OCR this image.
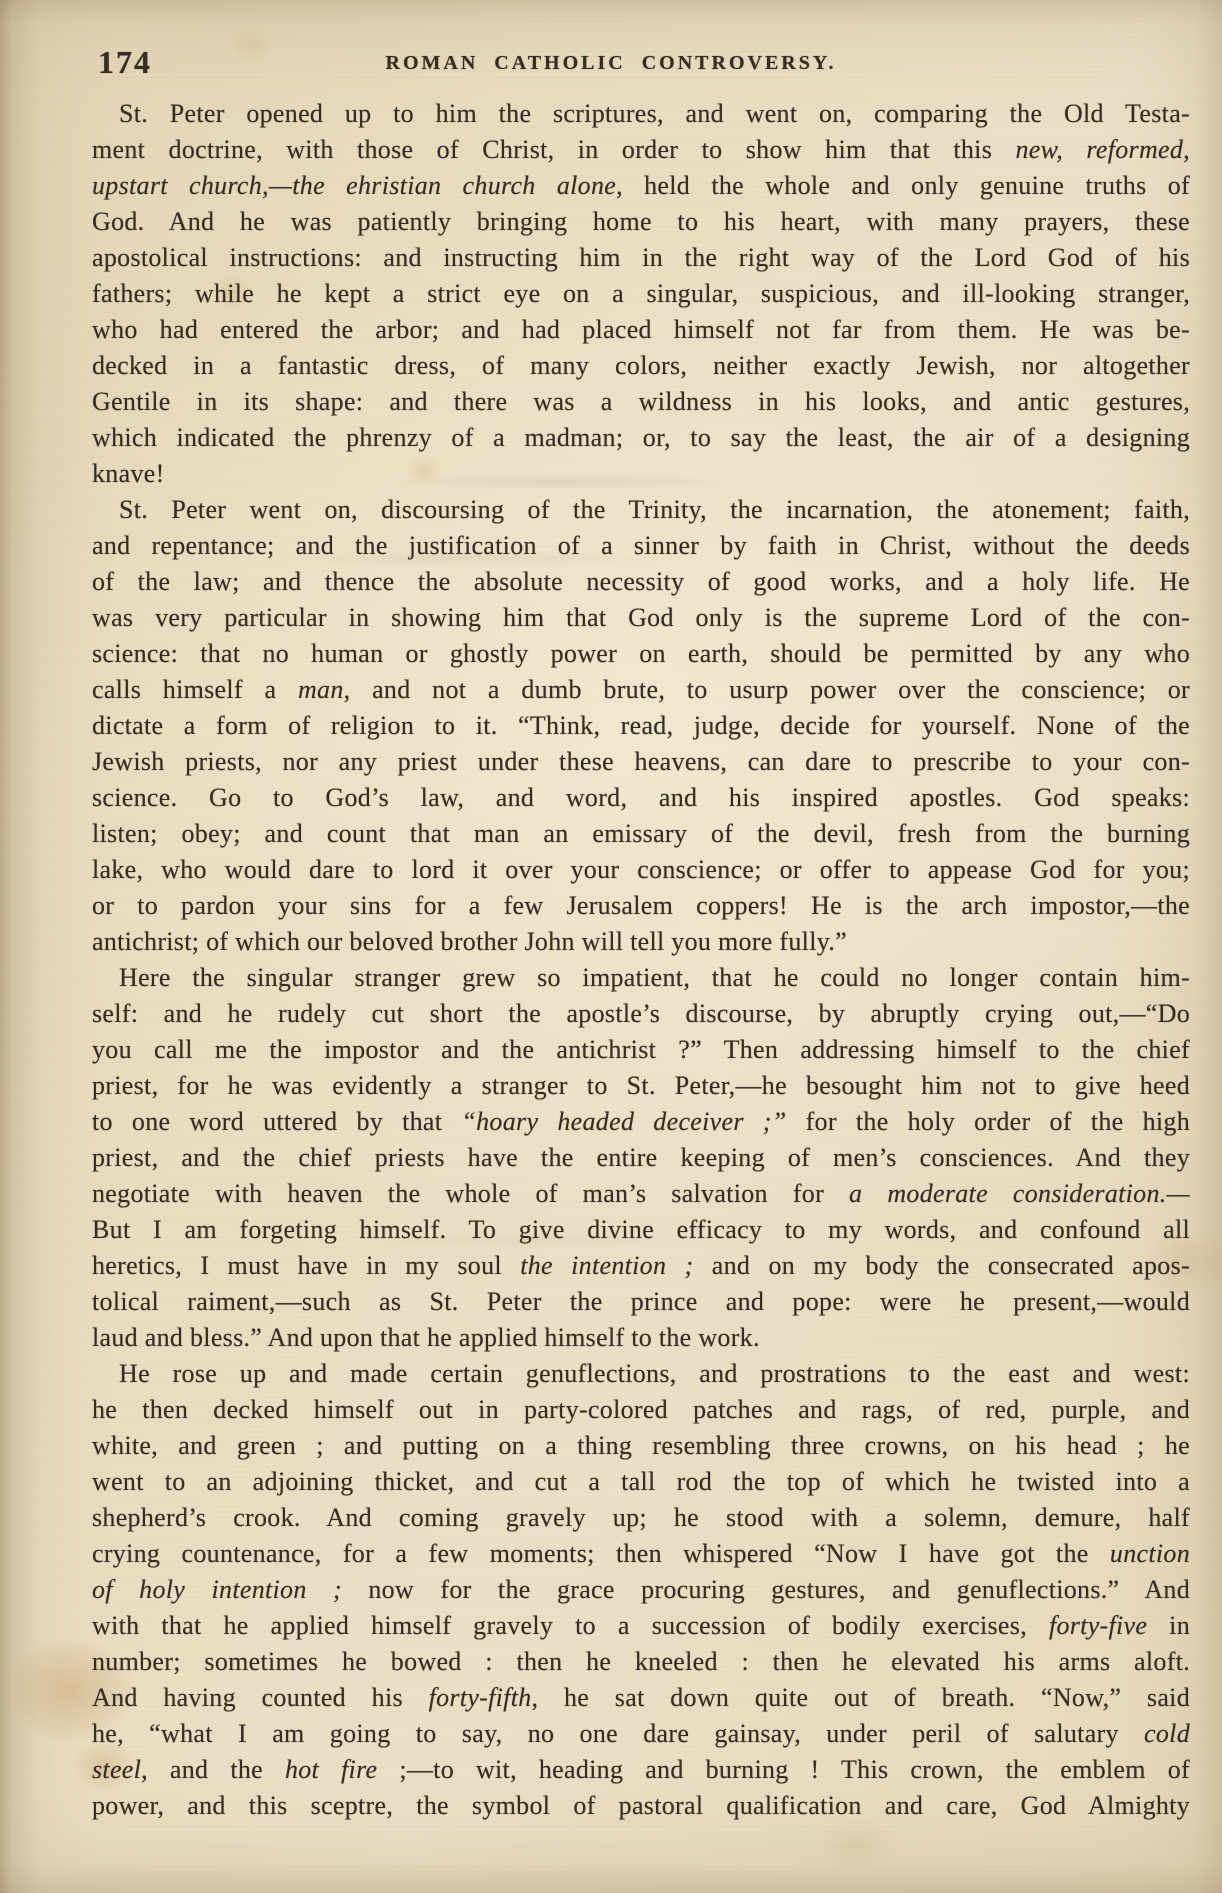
174	ROMAN CATHOLIC CONTROVERSY.
St. Peter opened up to him the scriptures, and went on, comparing the Old Testa-
ment doctrine, with those of Christ, in order to show him that this new, reformed,
upstart church,—the ehristian church alone, held the whole and only genuine truths of
God. And he was patiently bringing home to his heart, with many prayers, these
apostolical instructions: and instructing him in the right way of the Lord God of his
fathers; while he kept a strict eye on a singular, suspicious, and ill-looking stranger,
who had entered the arbor; and had placed himself not far from them. He was be-
decked in a fantastic dress, of many colors, neither exactly Jewish, nor altogether
Gentile in its shape: and there was a wildness in his looks, and antic gestures,
which indicated the phrenzy of a madman; or, to say the least, the air of a designing
knave!
St. Peter went on, discoursing of the Trinity, the incarnation, the atonement; faith,
and repentance; and the justification of a sinner by faith in Christ, without the deeds
of the law; and thence the absolute necessity of good works, and a holy life. He
was very particular in showing him that God only is the supreme Lord of the con-
science: that no human or ghostly power on earth, should be permitted by any who
calls himself a man, and not a dumb brute, to usurp power over the conscience; or
dictate a form of religion to it. “Think, read, judge, decide for yourself. None of the
Jewish priests, nor any priest under these heavens, can dare to prescribe to your con-
science. Go to God’s law, and word, and his inspired apostles. God speaks:
listen; obey; and count that man an emissary of the devil, fresh from the burning
lake, who would dare to lord it over your conscience; or offer to appease God for you;
or to pardon your sins for a few Jerusalem coppers! He is the arch impostor,—the
antichrist; of which our beloved brother John will tell you more fully.”
Here the singular stranger grew so impatient, that he could no longer contain him-
self: and he rudely cut short the apostle’s discourse, by abruptly crying out,—“Do
you call me the impostor and the antichrist ?” Then addressing himself to the chief
priest, for he was evidently a stranger to St. Peter,—he besought him not to give heed
to one word uttered by that “hoary headed deceiver ;” for the holy order of the high
priest, and the chief priests have the entire keeping of men’s consciences. And they
negotiate with heaven the whole of man’s salvation for a moderate consideration.—
But I am forgeting himself. To give divine efficacy to my words, and confound all
heretics, I must have in my soul the intention ; and on my body the consecrated apos-
tolical raiment,—such as St. Peter the prince and pope: were he present,—would
laud and bless.” And upon that he applied himself to the work.
He rose up and made certain genuflections, and prostrations to the east and west:
he then decked himself out in party-colored patches and rags, of red, purple, and
white, and green ; and putting on a thing resembling three crowns, on his head ; he
went to an adjoining thicket, and cut a tall rod the top of which he twisted into a
shepherd’s crook. And coming gravely up; he stood with a solemn, demure, half
crying countenance, for a few moments; then whispered “Now I have got the unction
of holy intention ; now for the grace procuring gestures, and genuflections.” And
with that he applied himself gravely to a succession of bodily exercises, forty-five in
number; sometimes he bowed : then he kneeled : then he elevated his arms aloft.
And having counted his forty-fifth, he sat down quite out of breath. “Now,” said
he, “what I am going to say, no one dare gainsay, under peril of salutary cold
steel, and the hot fire ;—to wit, heading and burning ! This crown, the emblem of
power, and this sceptre, the symbol of pastoral qualification and care, God Almighty
